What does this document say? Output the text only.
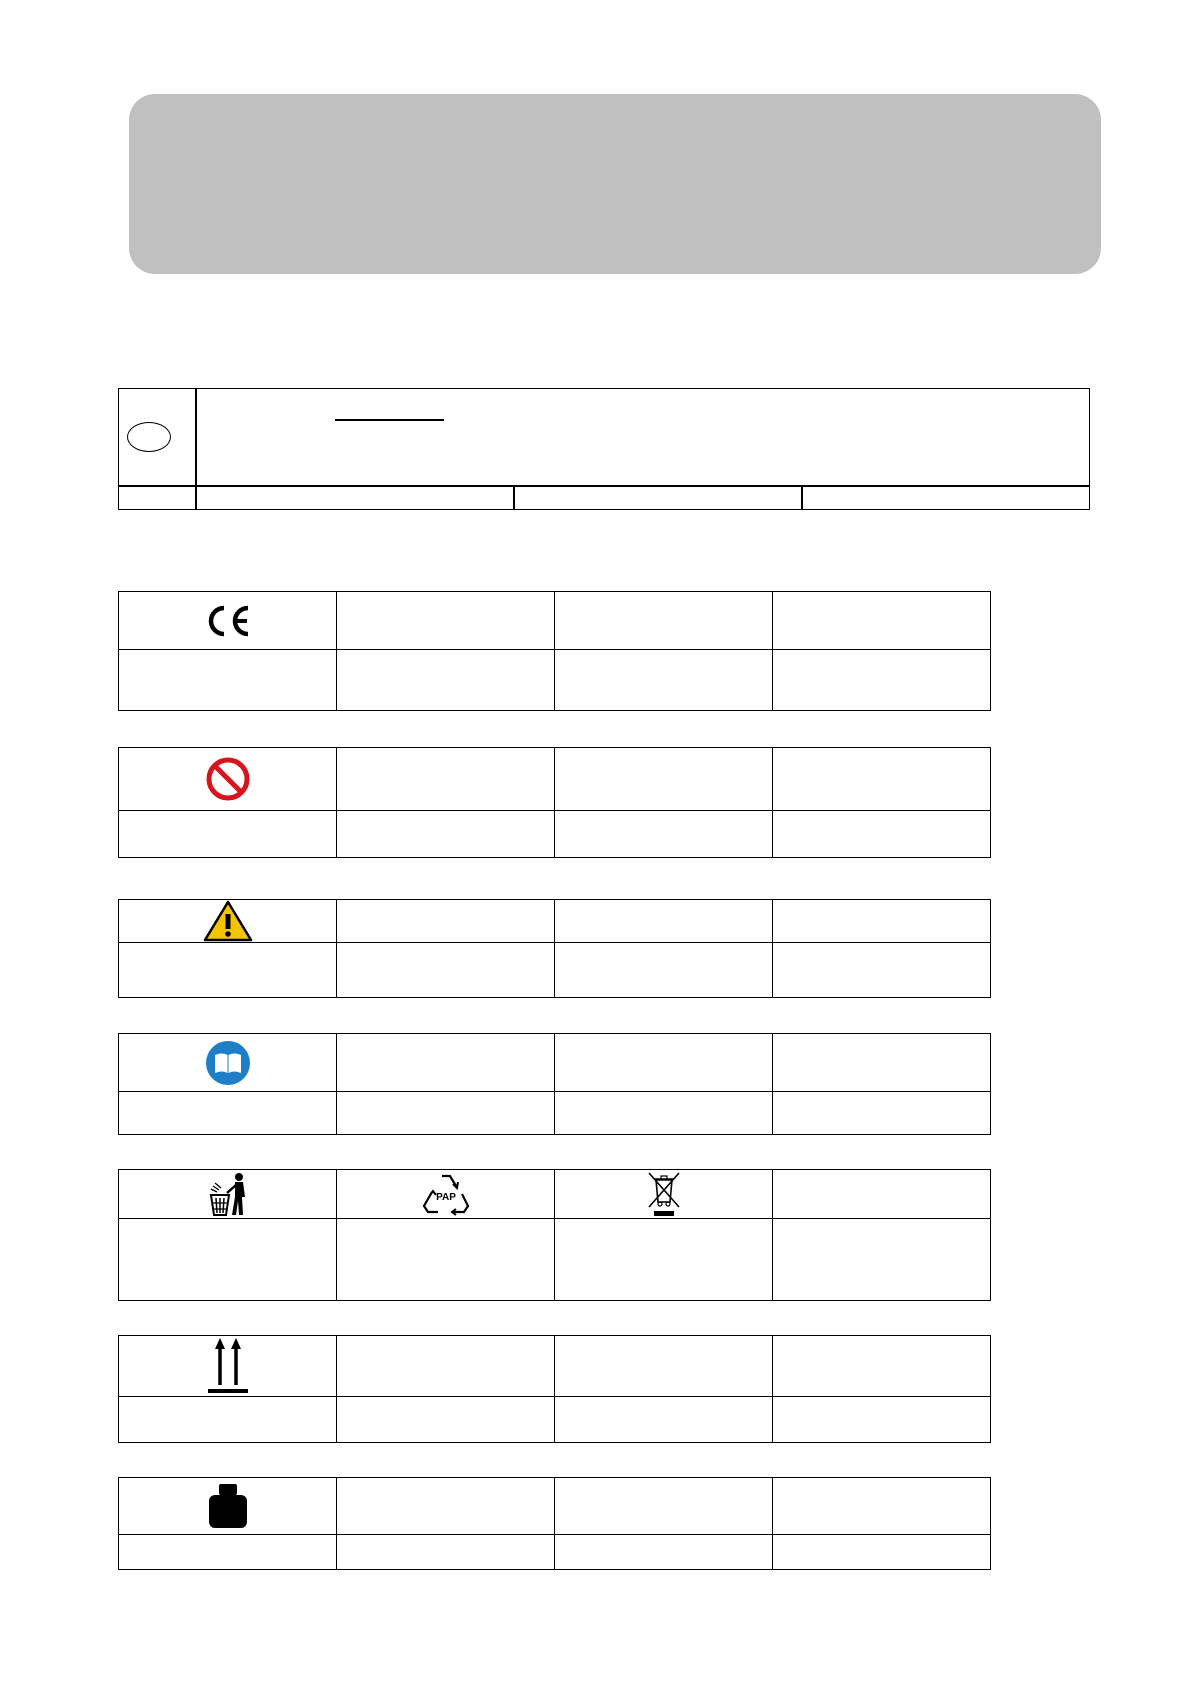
PAP
